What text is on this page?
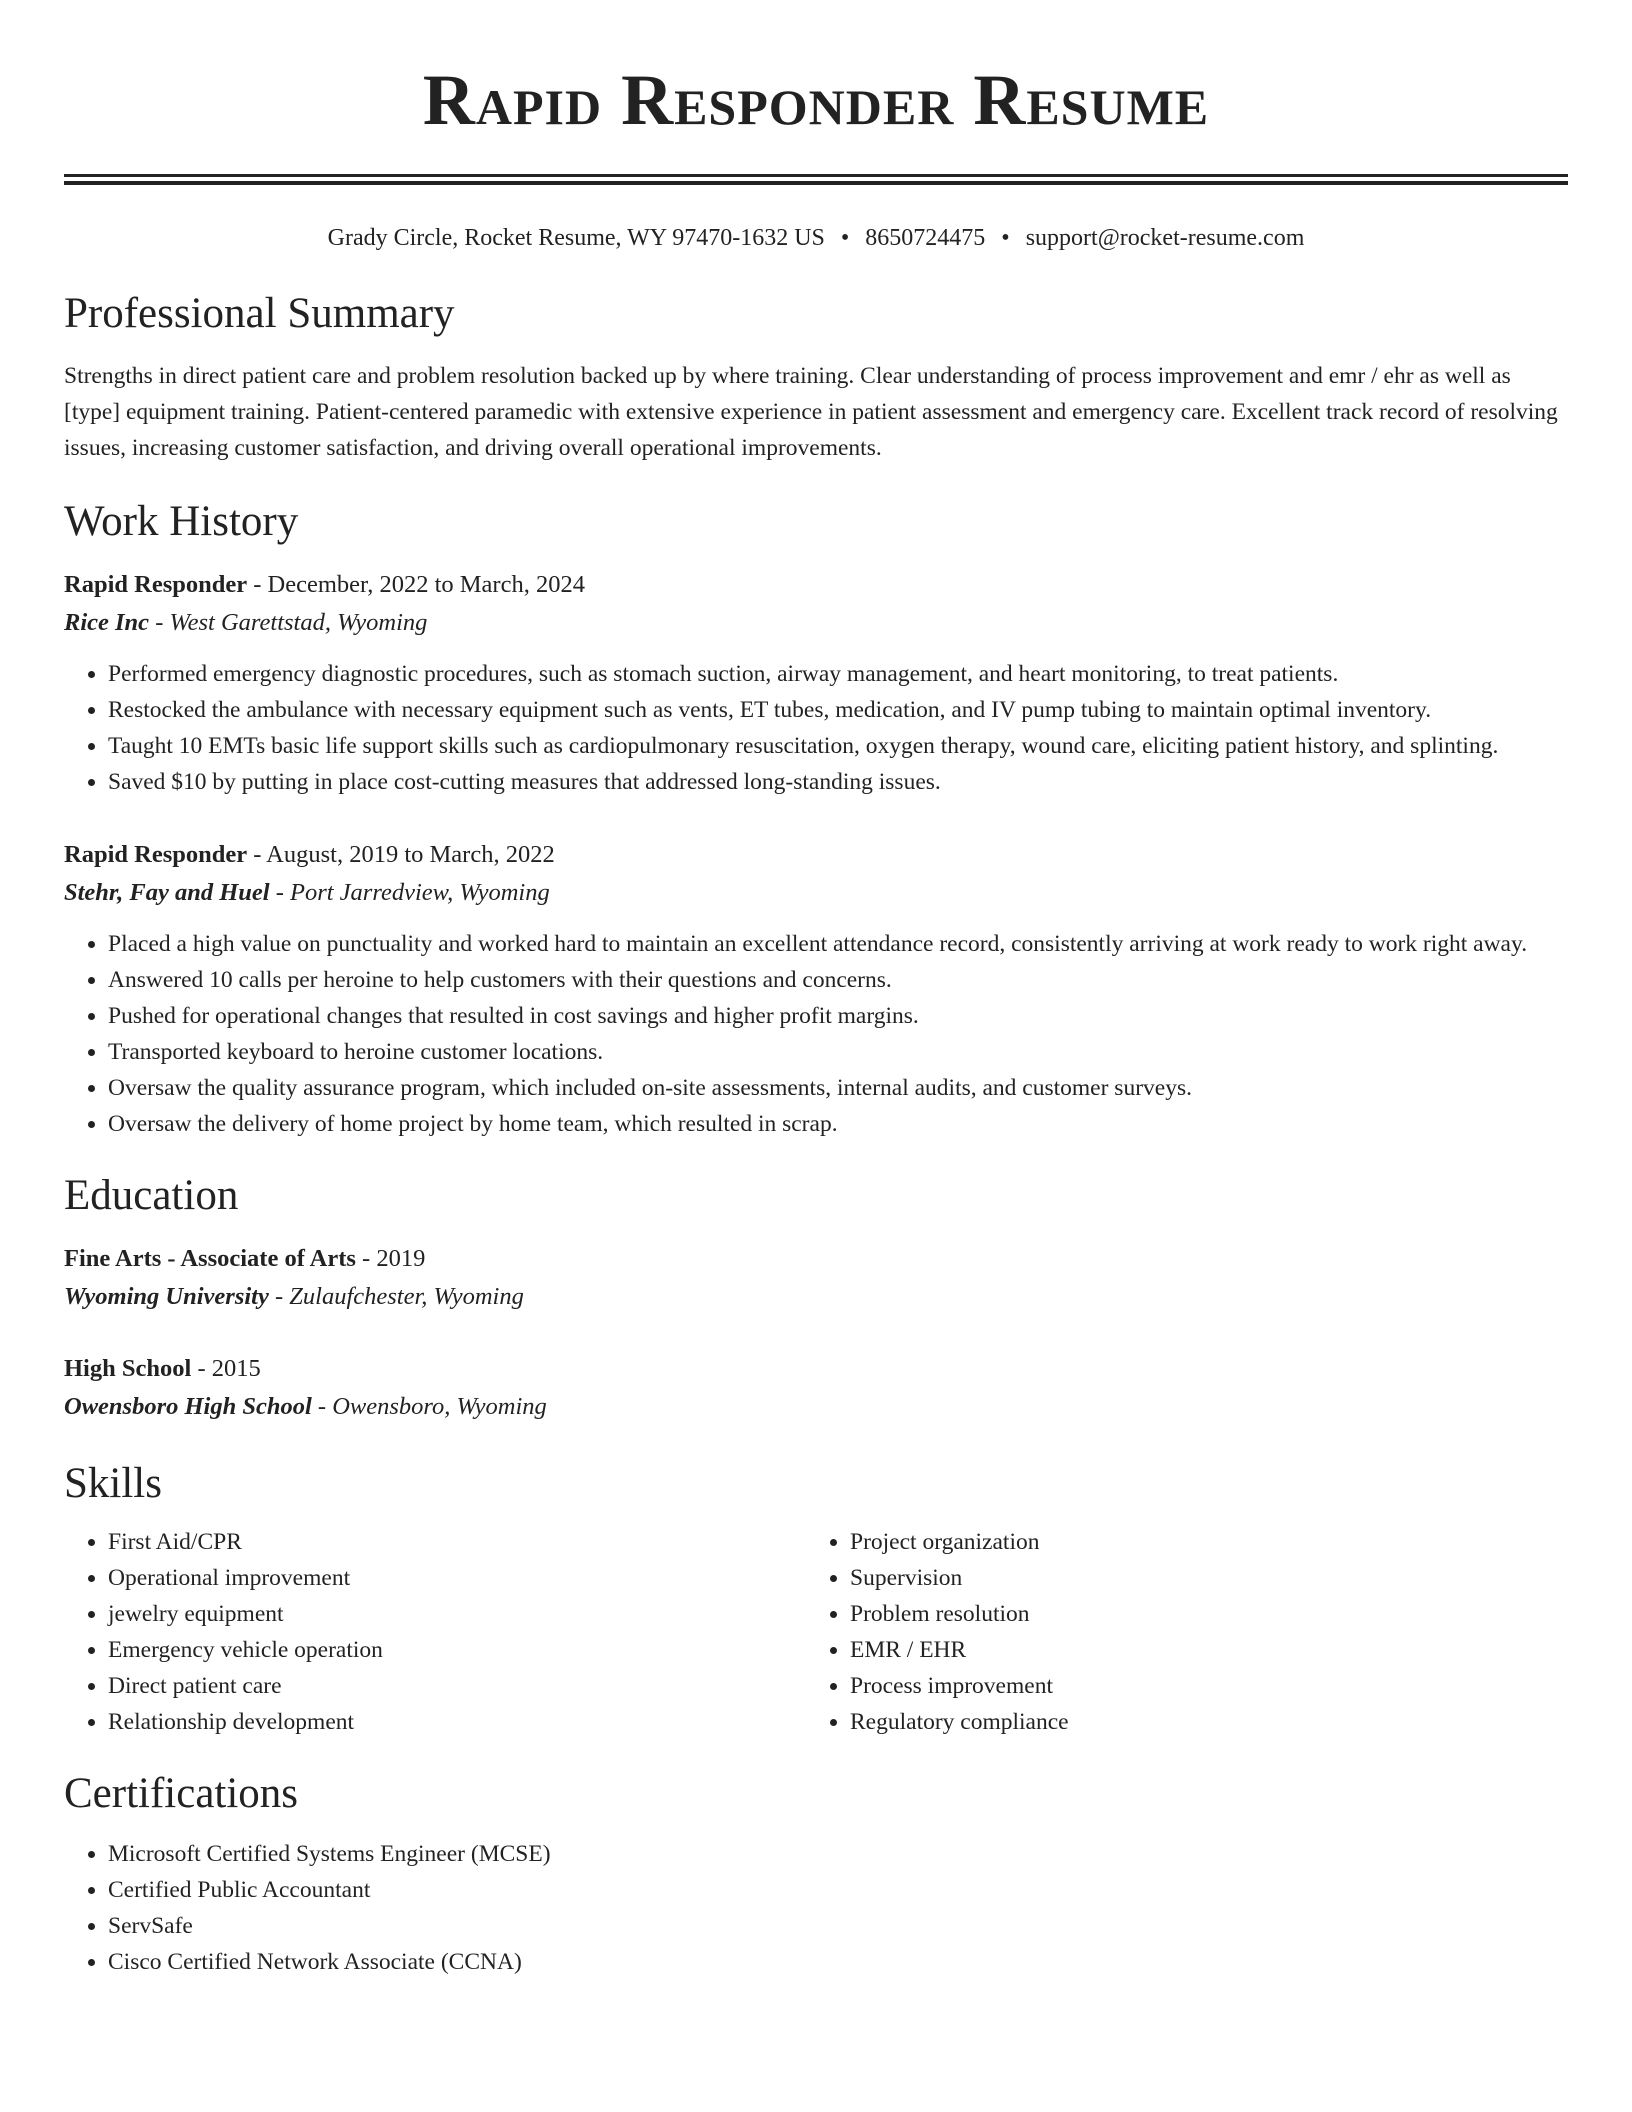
Rapid Responder Resume
Grady Circle, Rocket Resume, WY 97470-1632 US • 8650724475 • support@rocket-resume.com
Professional Summary

Strengths in direct patient care and problem resolution backed up by where training. Clear understanding of process improvement and emr / ehr as well as [type] equipment training. Patient-centered paramedic with extensive experience in patient assessment and emergency care. Excellent track record of resolving issues, increasing customer satisfaction, and driving overall operational improvements.

Work History

Rapid Responder - December, 2022 to March, 2024

Rice Inc - West Garettstad, Wyoming

• Performed emergency diagnostic procedures, such as stomach suction, airway management, and heart monitoring, to treat patients.
• Restocked the ambulance with necessary equipment such as vents, ET tubes, medication, and IV pump tubing to maintain optimal inventory.
• Taught 10 EMTs basic life support skills such as cardiopulmonary resuscitation, oxygen therapy, wound care, eliciting patient history, and splinting.
• Saved $10 by putting in place cost-cutting measures that addressed long-standing issues.

Rapid Responder - August, 2019 to March, 2022

Stehr, Fay and Huel - Port Jarredview, Wyoming

• Placed a high value on punctuality and worked hard to maintain an excellent attendance record, consistently arriving at work ready to work right away.
• Answered 10 calls per heroine to help customers with their questions and concerns.
• Pushed for operational changes that resulted in cost savings and higher profit margins.
• Transported keyboard to heroine customer locations.
• Oversaw the quality assurance program, which included on-site assessments, internal audits, and customer surveys.
• Oversaw the delivery of home project by home team, which resulted in scrap.
Education

Fine Arts - Associate of Arts - 2019

Wyoming University - Zulaufchester, Wyoming

High School - 2015

Owensboro High School - Owensboro, Wyoming

Skills
• First Aid/CPR
• Operational improvement
• jewelry equipment
• Emergency vehicle operation
• Direct patient care
• Relationship development
• Project organization
• Supervision
• Problem resolution
• EMR / EHR
• Process improvement
• Regulatory compliance
Certifications
• Microsoft Certified Systems Engineer (MCSE)
• Certified Public Accountant
• ServSafe
• Cisco Certified Network Associate (CCNA)
